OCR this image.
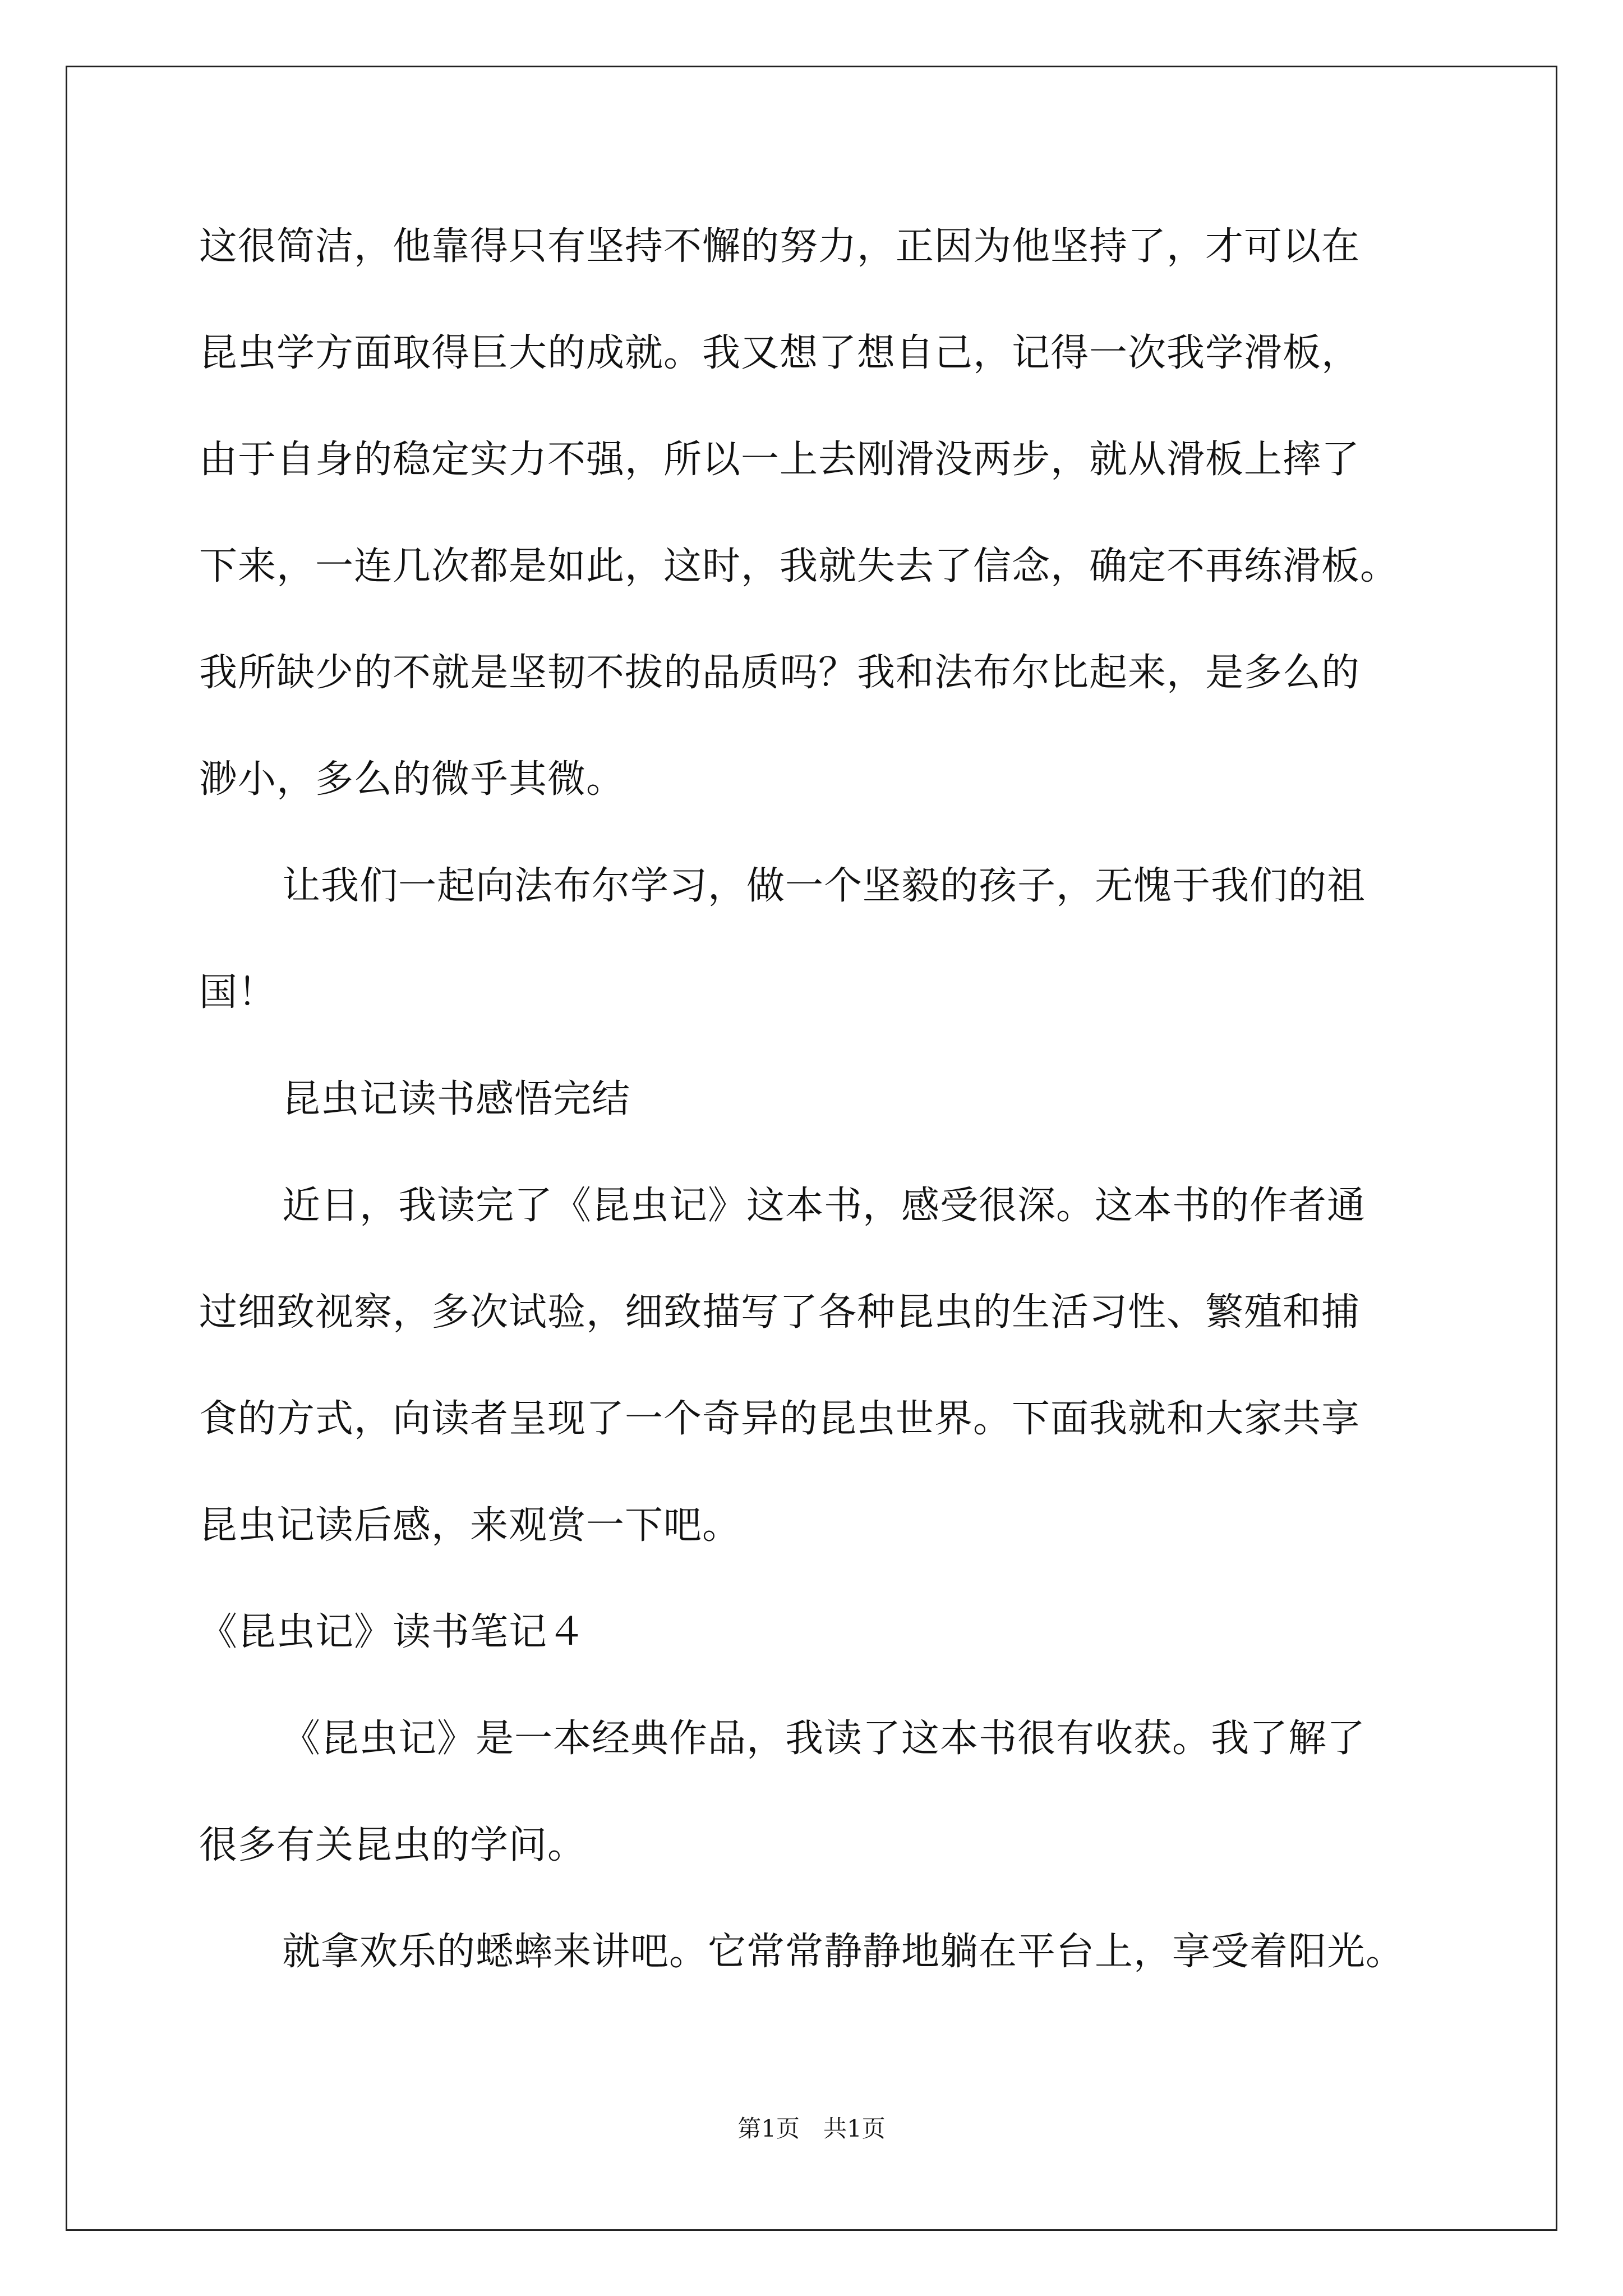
这很简洁，他靠得只有坚持不懈的努力，正因为他坚持了，才可以在
昆虫学方面取得巨大的成就。我又想了想自己，记得一次我学滑板，
由于自身的稳定实力不强，所以一上去刚滑没两步，就从滑板上摔了
下来，一连几次都是如此，这时，我就失去了信念，确定不再练滑板。
我所缺少的不就是坚韧不拔的品质吗？我和法布尔比起来，是多么的
渺小，多么的微乎其微。
让我们一起向法布尔学习，做一个坚毅的孩子，无愧于我们的祖
国！
昆虫记读书感悟完结
近日，我读完了《昆虫记》这本书，感受很深。这本书的作者通
过细致视察，多次试验，细致描写了各种昆虫的生活习性、繁殖和捕
食的方式，向读者呈现了一个奇异的昆虫世界。下面我就和大家共享
昆虫记读后感，来观赏一下吧。
《昆虫记》读书笔记４
《昆虫记》是一本经典作品，我读了这本书很有收获。我了解了
很多有关昆虫的学问。
就拿欢乐的蟋蟀来讲吧。它常常静静地躺在平台上，享受着阳光。
第1页　共1页
